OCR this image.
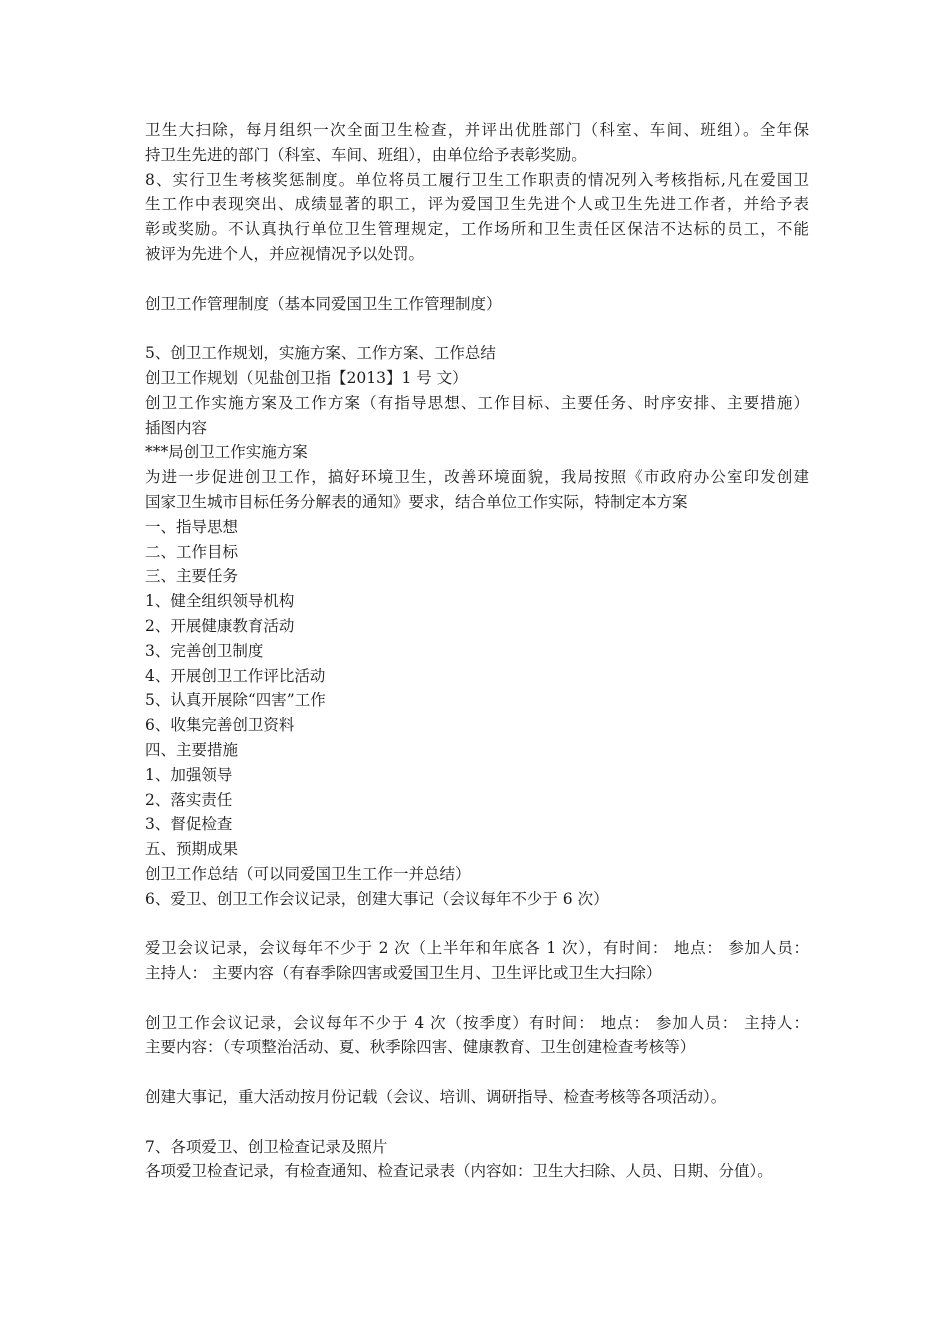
卫生大扫除，每月组织一次全面卫生检查，并评出优胜部门（科室、车间、班组）。全年保
持卫生先进的部门（科室、车间、班组），由单位给予表彰奖励。
8、实行卫生考核奖惩制度。单位将员工履行卫生工作职责的情况列入考核指标,凡在爱国卫
生工作中表现突出、成绩显著的职工，评为爱国卫生先进个人或卫生先进工作者，并给予表
彰或奖励。不认真执行单位卫生管理规定，工作场所和卫生责任区保洁不达标的员工，不能
被评为先进个人，并应视情况予以处罚。
创卫工作管理制度（基本同爱国卫生工作管理制度）
5、创卫工作规划，实施方案、工作方案、工作总结
创卫工作规划（见盐创卫指【2013】1 号 文）
创卫工作实施方案及工作方案（有指导思想、工作目标、主要任务、时序安排、主要措施）
插图内容
***局创卫工作实施方案
为进一步促进创卫工作，搞好环境卫生，改善环境面貌，我局按照《市政府办公室印发创建
国家卫生城市目标任务分解表的通知》要求，结合单位工作实际，特制定本方案
一、指导思想
二、工作目标
三、主要任务
1、健全组织领导机构
2、开展健康教育活动
3、完善创卫制度
4、开展创卫工作评比活动
5、认真开展除“四害”工作
6、收集完善创卫资料
四、主要措施
1、加强领导
2、落实责任
3、督促检查
五、预期成果
创卫工作总结（可以同爱国卫生工作一并总结）
6、爱卫、创卫工作会议记录，创建大事记（会议每年不少于 6 次）
爱卫会议记录，会议每年不少于 2 次（上半年和年底各 1 次），有时间： 地点： 参加人员：
主持人： 主要内容（有春季除四害或爱国卫生月、卫生评比或卫生大扫除）
创卫工作会议记录，会议每年不少于 4 次（按季度）有时间： 地点： 参加人员： 主持人：
主要内容：（专项整治活动、夏、秋季除四害、健康教育、卫生创建检查考核等）
创建大事记，重大活动按月份记载（会议、培训、调研指导、检查考核等各项活动）。
7、各项爱卫、创卫检查记录及照片
各项爱卫检查记录，有检查通知、检查记录表（内容如：卫生大扫除、人员、日期、分值）。
